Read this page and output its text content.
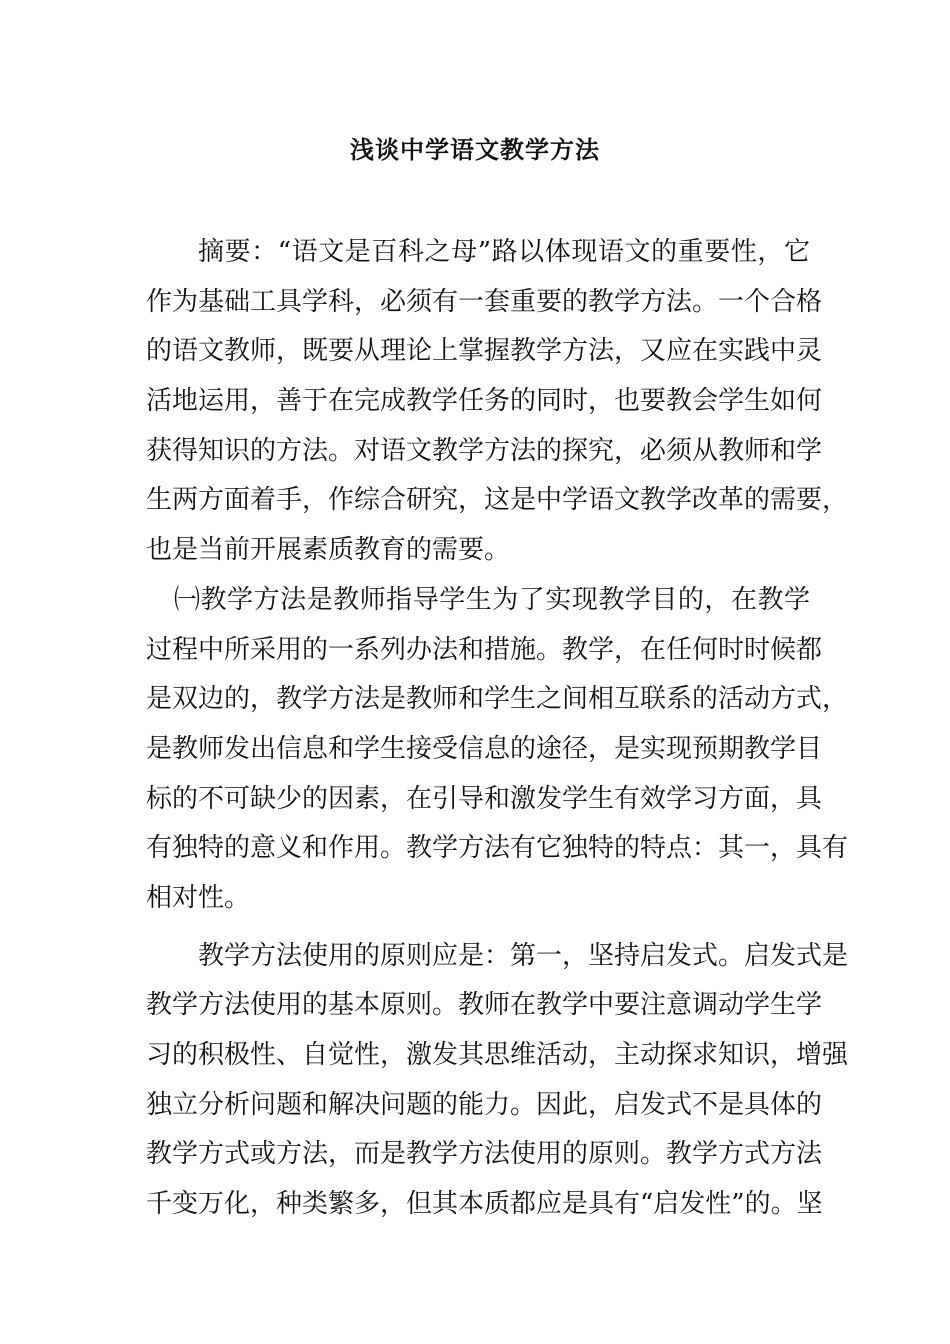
浅谈中学语文教学方法
摘要：“语文是百科之母”路以体现语文的重要性，它
作为基础工具学科，必须有一套重要的教学方法。一个合格
的语文教师，既要从理论上掌握教学方法，又应在实践中灵
活地运用，善于在完成教学任务的同时，也要教会学生如何
获得知识的方法。对语文教学方法的探究，必须从教师和学
生两方面着手，作综合研究，这是中学语文教学改革的需要，
也是当前开展素质教育的需要。
㈠教学方法是教师指导学生为了实现教学目的，在教学
过程中所采用的一系列办法和措施。教学，在任何时时候都
是双边的，教学方法是教师和学生之间相互联系的活动方式，
是教师发出信息和学生接受信息的途径，是实现预期教学目
标的不可缺少的因素，在引导和激发学生有效学习方面，具
有独特的意义和作用。教学方法有它独特的特点：其一，具有
相对性。
教学方法使用的原则应是：第一，坚持启发式。启发式是
教学方法使用的基本原则。教师在教学中要注意调动学生学
习的积极性、自觉性，激发其思维活动，主动探求知识，增强
独立分析问题和解决问题的能力。因此，启发式不是具体的
教学方式或方法，而是教学方法使用的原则。教学方式方法
千变万化，种类繁多，但其本质都应是具有“启发性”的。坚
